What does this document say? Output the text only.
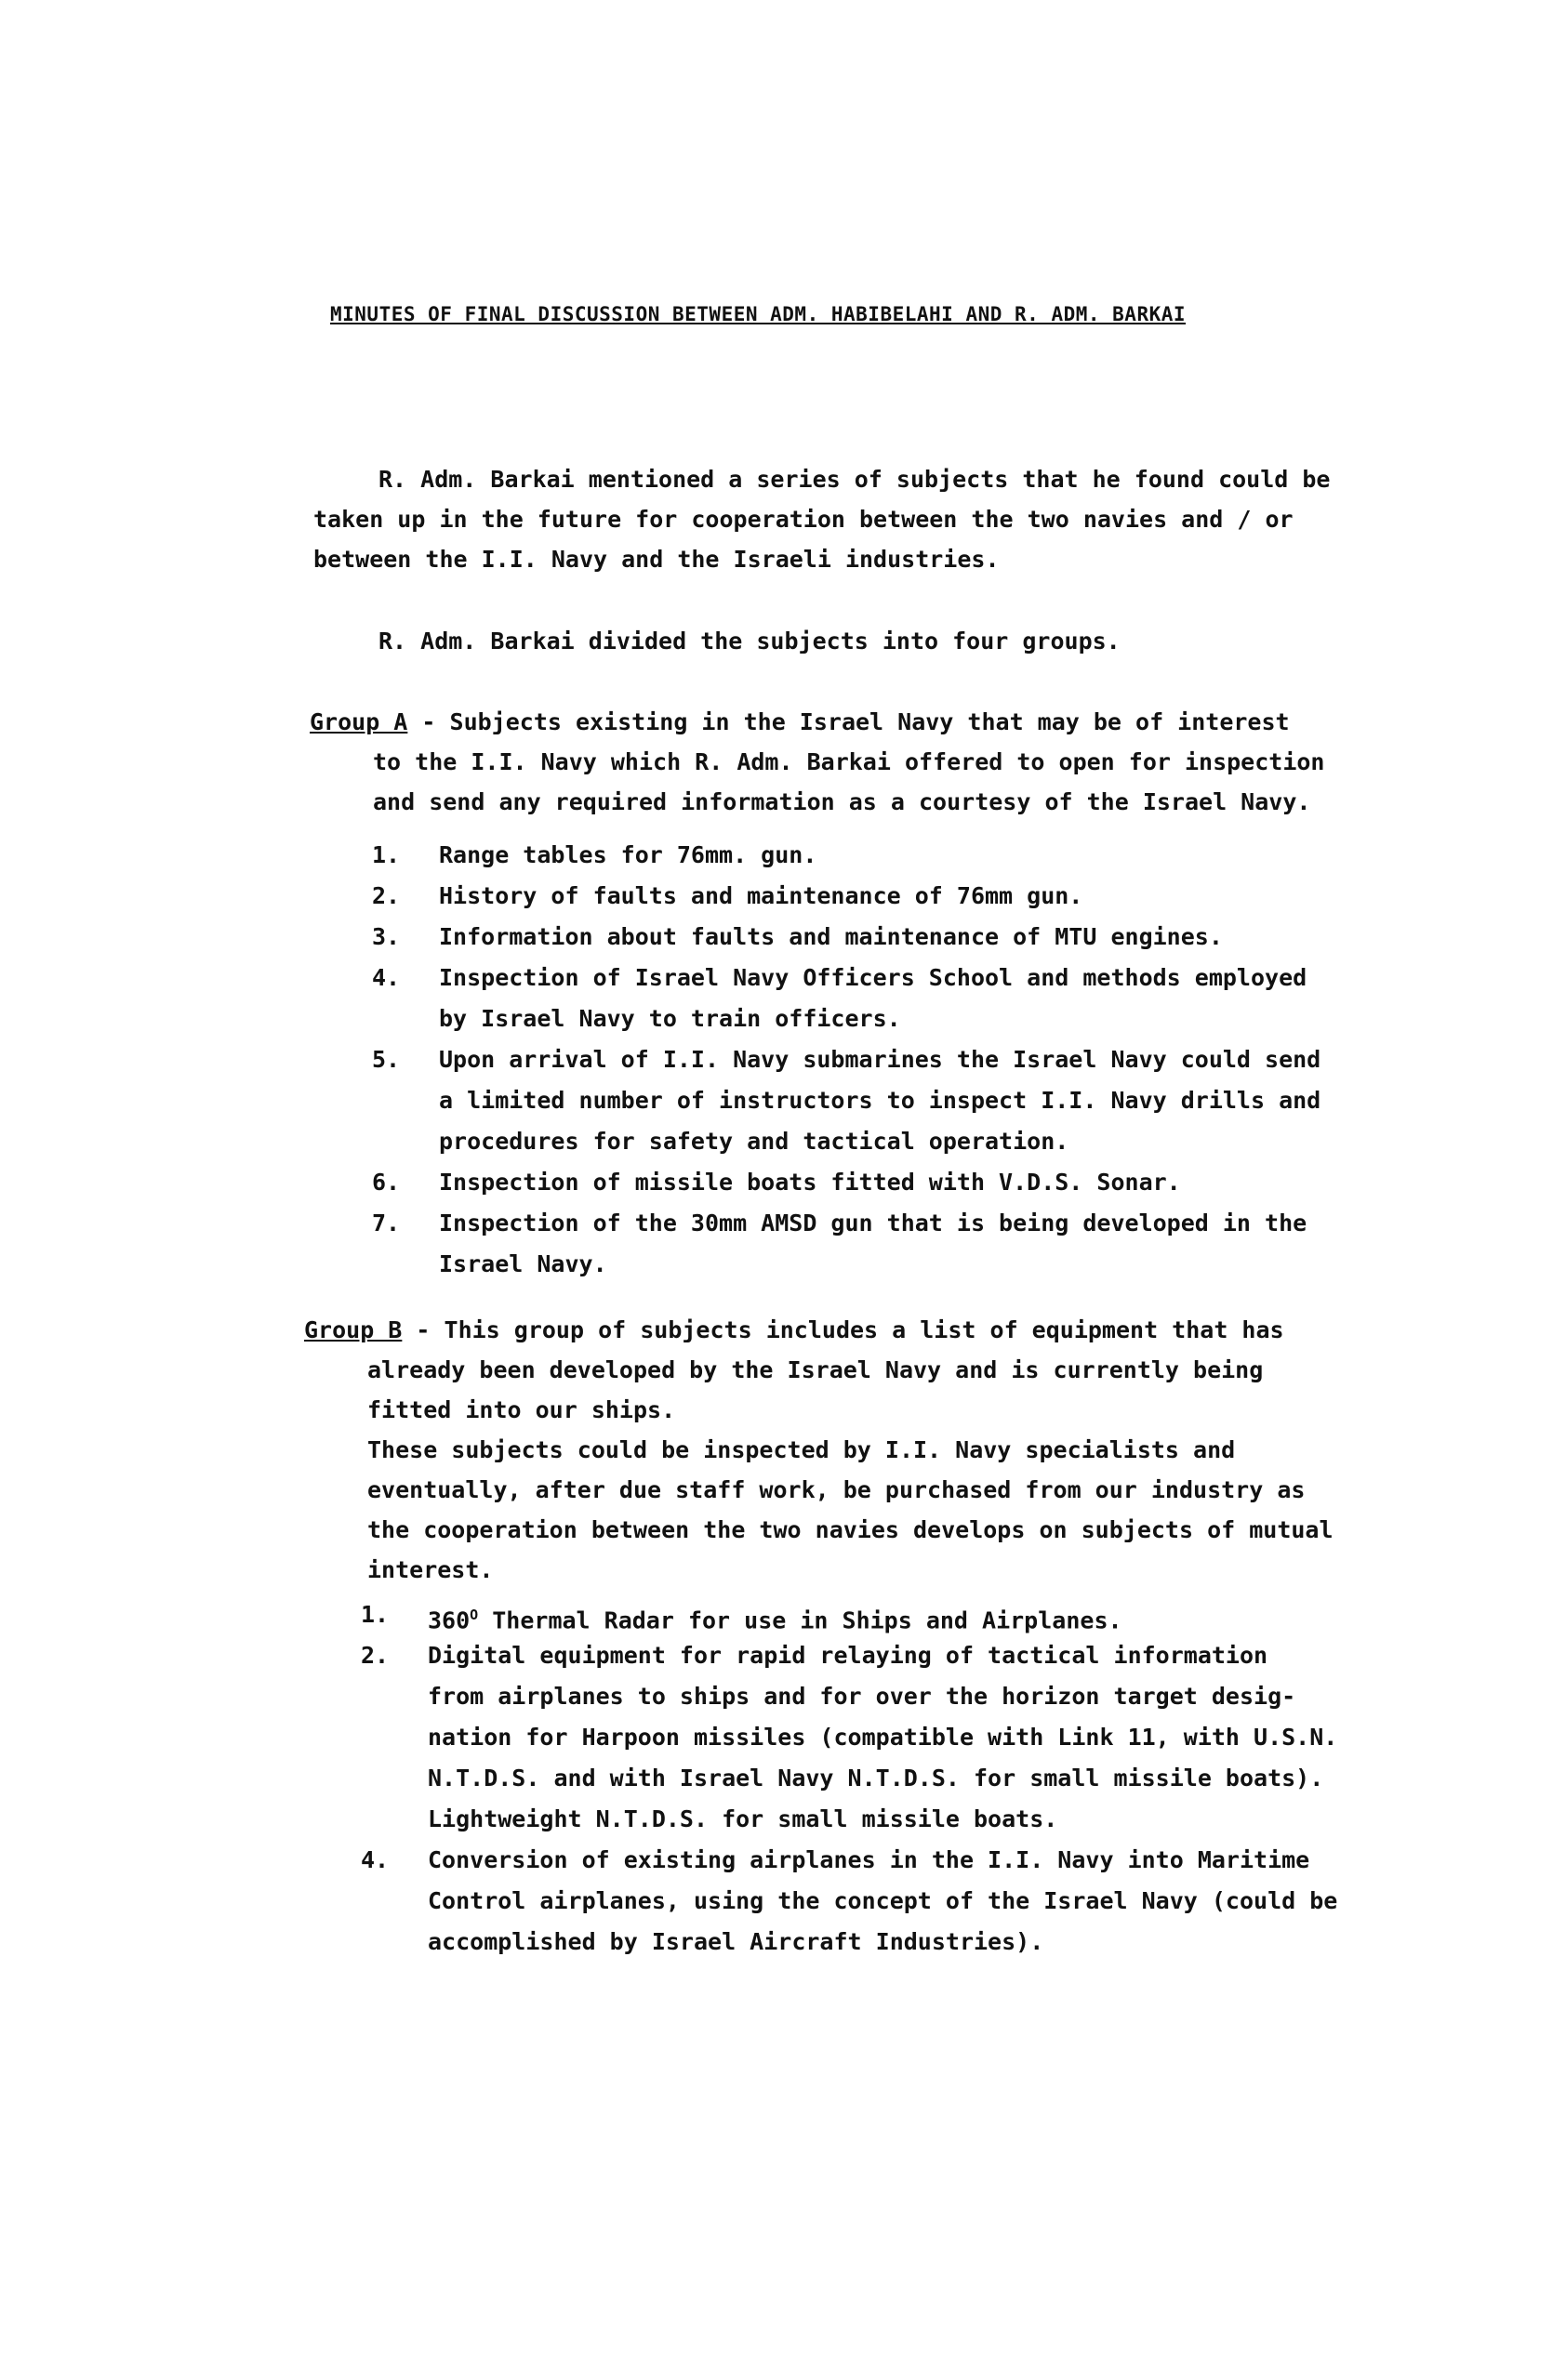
MINUTES OF FINAL DISCUSSION BETWEEN ADM. HABIBELAHI AND R. ADM. BARKAI
R. Adm. Barkai mentioned a series of subjects that he found could be
taken up in the future for cooperation between the two navies and / or
between the I.I. Navy and the Israeli industries.
R. Adm. Barkai divided the subjects into four groups.
Group A - Subjects existing in the Israel Navy that may be of interest
to the I.I. Navy which R. Adm. Barkai offered to open for inspection
and send any required information as a courtesy of the Israel Navy.
1. Range tables for 76mm. gun.
2. History of faults and maintenance of 76mm gun.
3. Information about faults and maintenance of MTU engines.
4. Inspection of Israel Navy Officers School and methods employed
by Israel Navy to train officers.
5. Upon arrival of I.I. Navy submarines the Israel Navy could send
a limited number of instructors to inspect I.I. Navy drills and
procedures for safety and tactical operation.
6. Inspection of missile boats fitted with V.D.S. Sonar.
7. Inspection of the 30mm AMSD gun that is being developed in the
Israel Navy.
Group B - This group of subjects includes a list of equipment that has
already been developed by the Israel Navy and is currently being
fitted into our ships.
These subjects could be inspected by I.I. Navy specialists and
eventually, after due staff work, be purchased from our industry as
the cooperation between the two navies develops on subjects of mutual
interest.
1. $360^O$ Thermal Radar for use in Ships and Airplanes.
2. Digital equipment for rapid relaying of tactical information
from airplanes to ships and for over the horizon target desig-
nation for Harpoon missiles (compatible with Link 11, with U.S.N.
N.T.D.S. and with Israel Navy N.T.D.S. for small missile boats).
Lightweight N.T.D.S. for small missile boats.
4. Conversion of existing airplanes in the I.I. Navy into Maritime
Control airplanes, using the concept of the Israel Navy (could be
accomplished by Israel Aircraft Industries).
